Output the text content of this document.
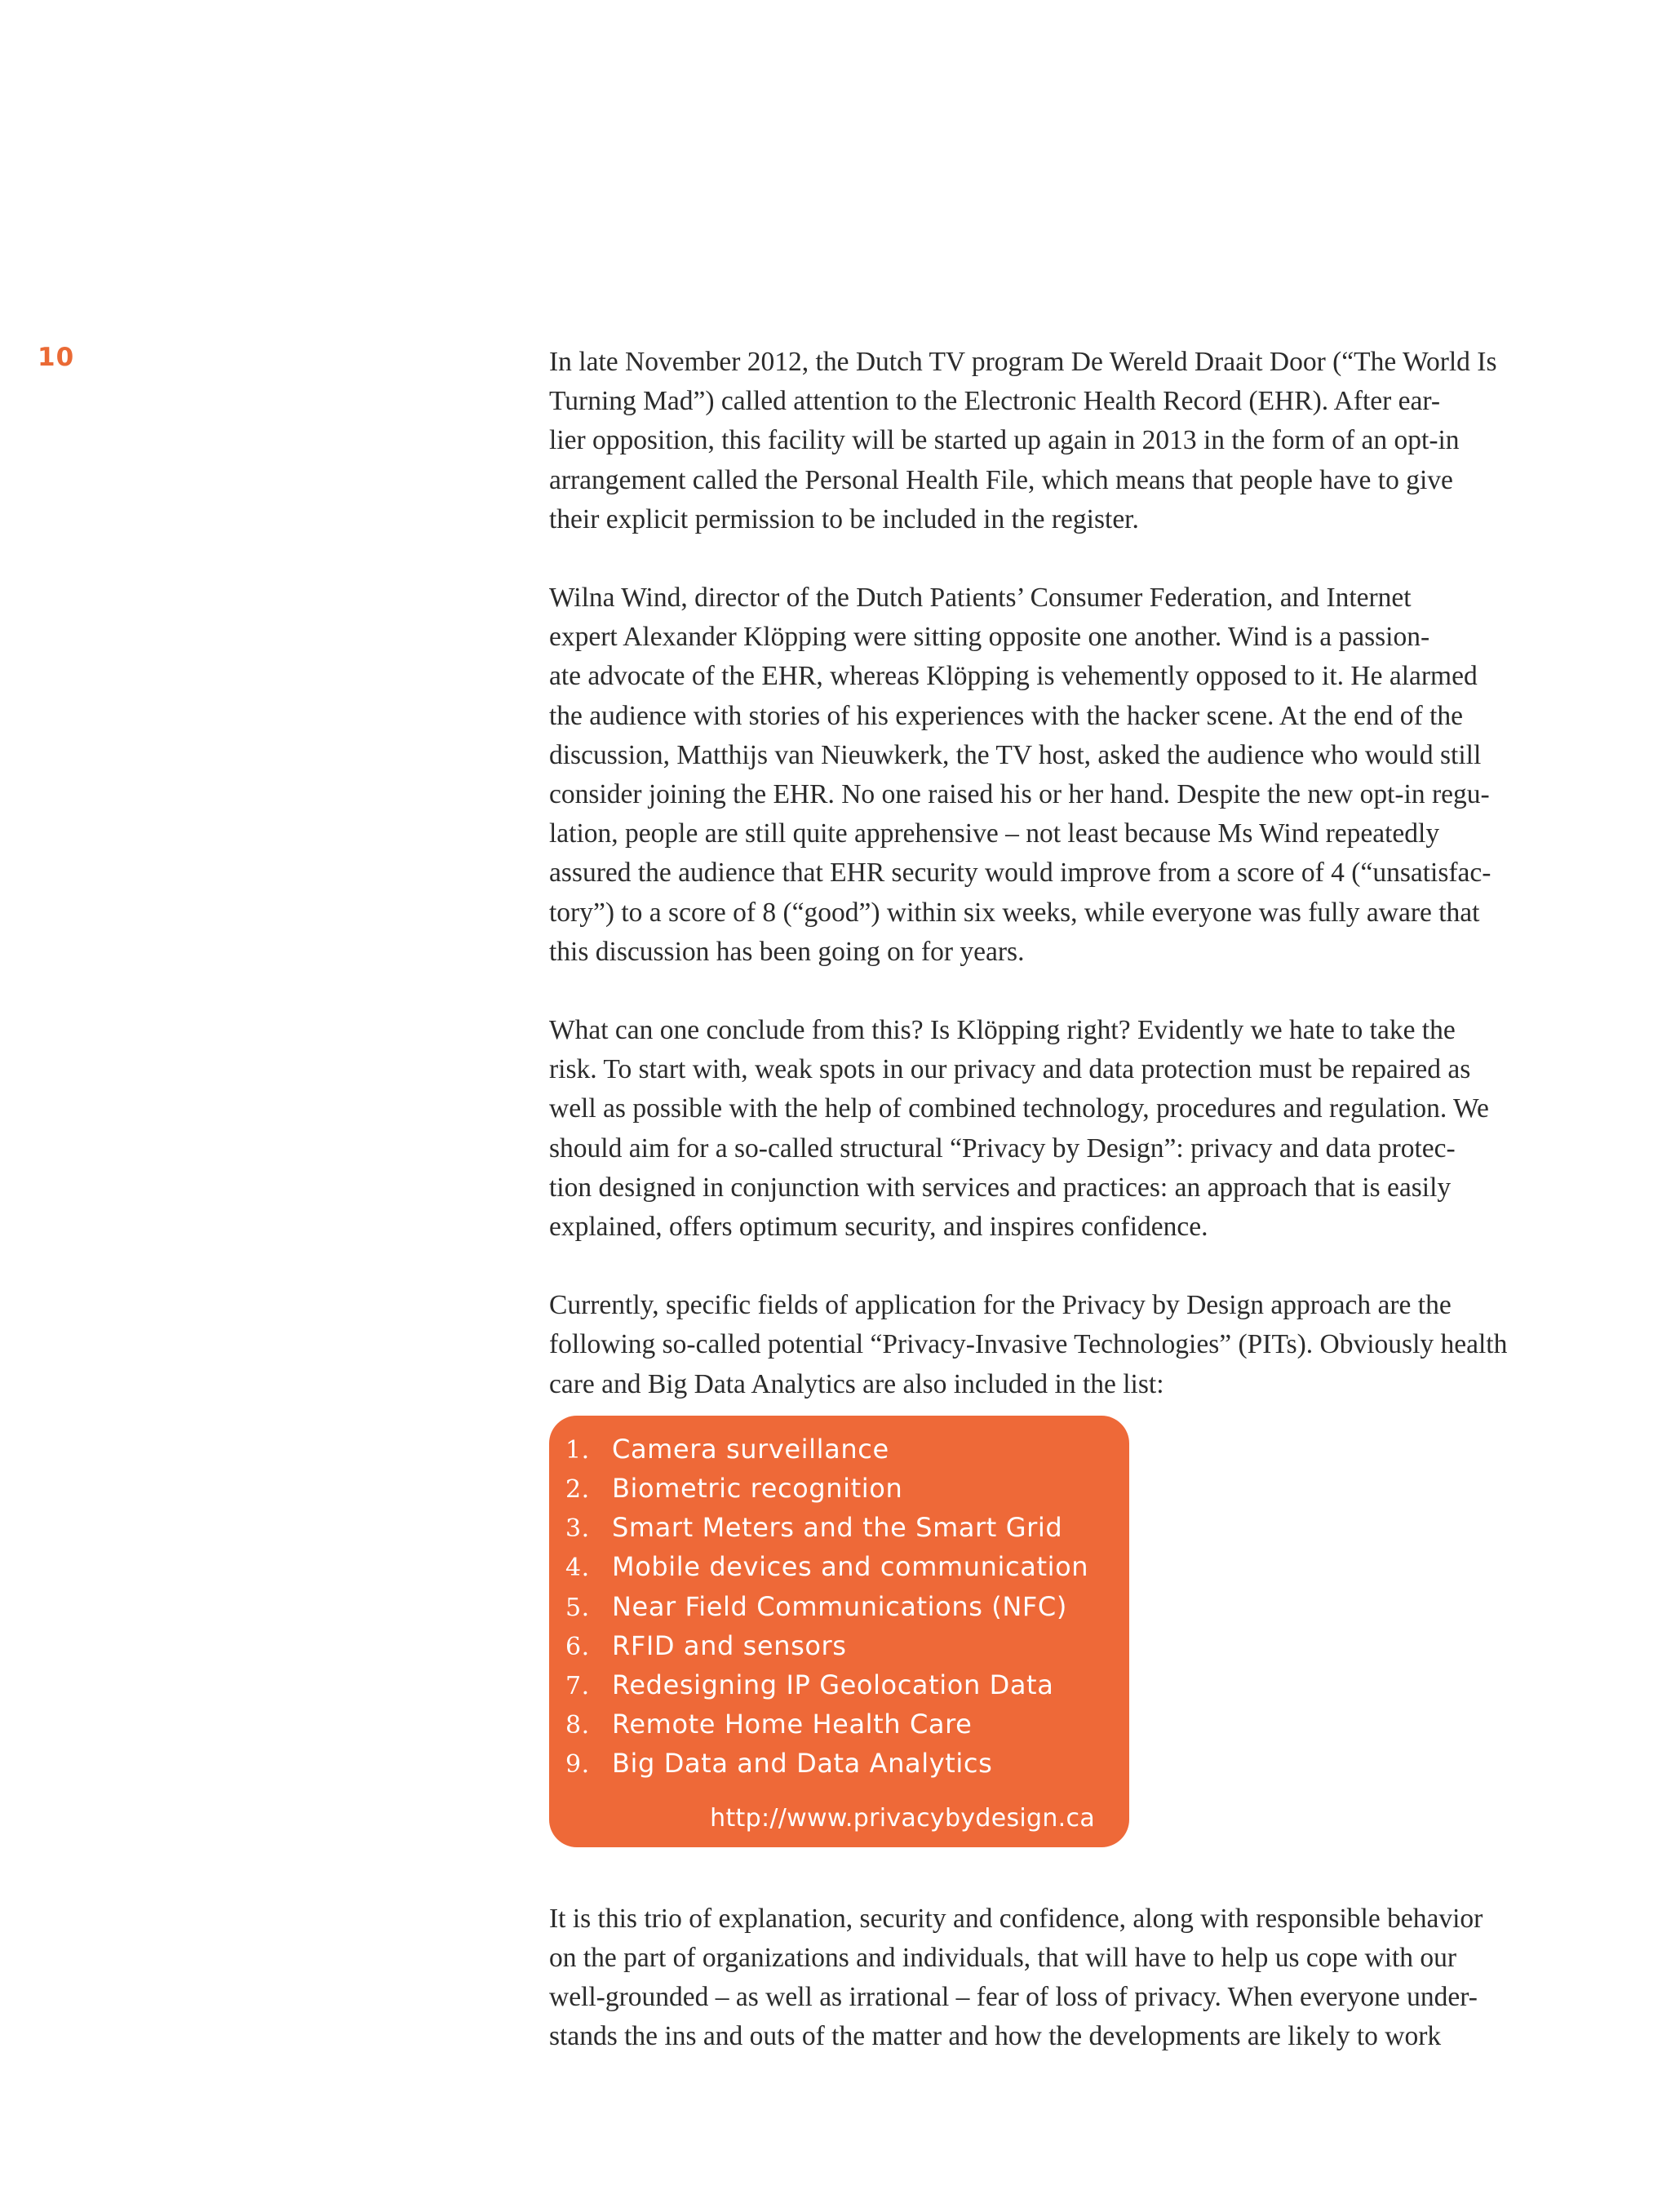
10	In late November 2012, the Dutch TV program De Wereld Draait Door (“The World Is
Turning Mad”) called attention to the Electronic Health Record (EHR). After ear-
lier opposition, this facility will be started up again in 2013 in the form of an opt-in
arrangement called the Personal Health File, which means that people have to give
their explicit permission to be included in the register.

Wilna Wind, director of the Dutch Patients’ Consumer Federation, and Internet
expert Alexander Klöpping were sitting opposite one another. Wind is a passion-
ate advocate of the EHR, whereas Klöpping is vehemently opposed to it. He alarmed
the audience with stories of his experiences with the hacker scene. At the end of the
discussion, Matthijs van Nieuwkerk, the TV host, asked the audience who would still
consider joining the EHR. No one raised his or her hand. Despite the new opt-in regu-
lation, people are still quite apprehensive – not least because Ms Wind repeatedly
assured the audience that EHR security would improve from a score of 4 (“unsatisfac-
tory”) to a score of 8 (“good”) within six weeks, while everyone was fully aware that
this discussion has been going on for years.

What can one conclude from this? Is Klöpping right? Evidently we hate to take the
risk. To start with, weak spots in our privacy and data protection must be repaired as
well as possible with the help of combined technology, procedures and regulation. We
should aim for a so-called structural “Privacy by Design”: privacy and data protec-
tion designed in conjunction with services and practices: an approach that is easily
explained, offers optimum security, and inspires confidence.

Currently, specific fields of application for the Privacy by Design approach are the
following so-called potential “Privacy-Invasive Technologies” (PITs). Obviously health
care and Big Data Analytics are also included in the list:

1. Camera surveillance
2. Biometric recognition
3. Smart Meters and the Smart Grid
4. Mobile devices and communication
5. Near Field Communications (NFC)
6. RFID and sensors
7. Redesigning IP Geolocation Data
8. Remote Home Health Care
9. Big Data and Data Analytics
http://www.privacybydesign.ca

It is this trio of explanation, security and confidence, along with responsible behavior
on the part of organizations and individuals, that will have to help us cope with our
well-grounded – as well as irrational – fear of loss of privacy. When everyone under-
stands the ins and outs of the matter and how the developments are likely to work
